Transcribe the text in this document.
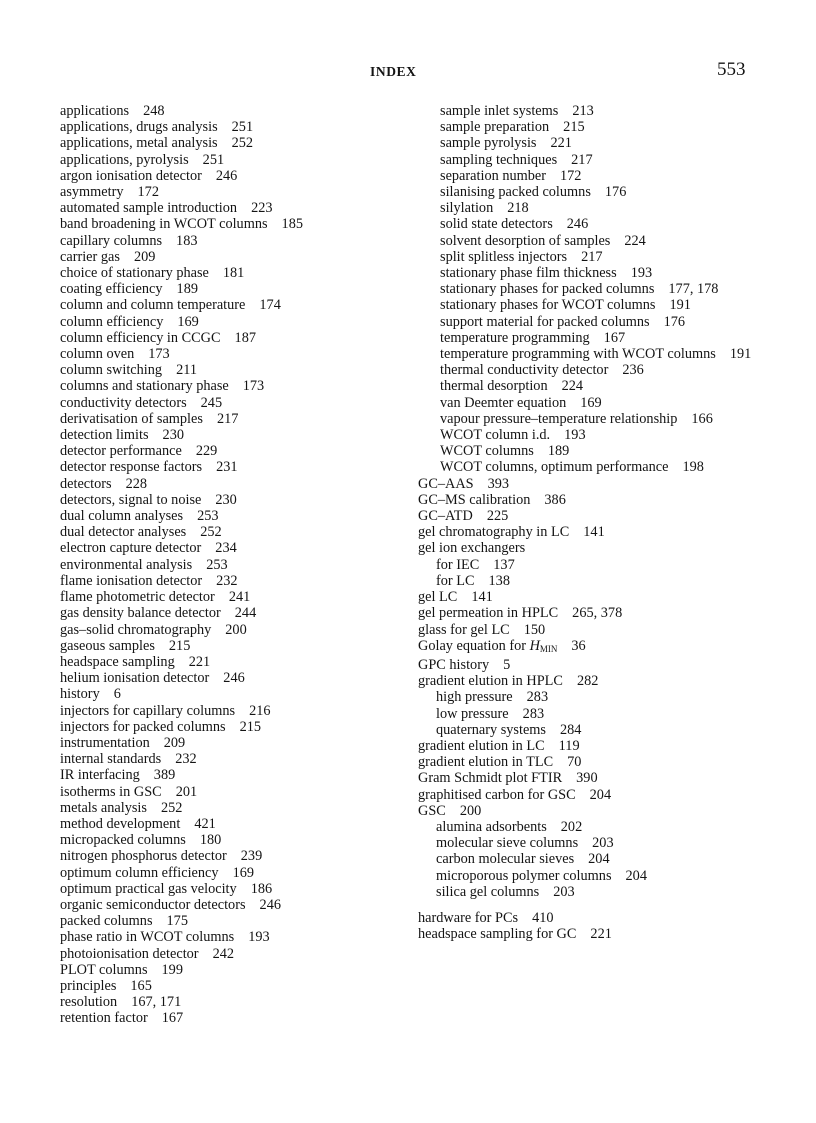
INDEX	553
applications 248
applications, drugs analysis 251
applications, metal analysis 252
applications, pyrolysis 251
argon ionisation detector 246
asymmetry 172
automated sample introduction 223
band broadening in WCOT columns 185
capillary columns 183
carrier gas 209
choice of stationary phase 181
coating efficiency 189
column and column temperature 174
column efficiency 169
column efficiency in CCGC 187
column oven 173
column switching 211
columns and stationary phase 173
conductivity detectors 245
derivatisation of samples 217
detection limits 230
detector performance 229
detector response factors 231
detectors 228
detectors, signal to noise 230
dual column analyses 253
dual detector analyses 252
electron capture detector 234
environmental analysis 253
flame ionisation detector 232
flame photometric detector 241
gas density balance detector 244
gas–solid chromatography 200
gaseous samples 215
headspace sampling 221
helium ionisation detector 246
history 6
injectors for capillary columns 216
injectors for packed columns 215
instrumentation 209
internal standards 232
IR interfacing 389
isotherms in GSC 201
metals analysis 252
method development 421
micropacked columns 180
nitrogen phosphorus detector 239
optimum column efficiency 169
optimum practical gas velocity 186
organic semiconductor detectors 246
packed columns 175
phase ratio in WCOT columns 193
photoionisation detector 242
PLOT columns 199
principles 165
resolution 167, 171
retention factor 167
sample inlet systems 213
sample preparation 215
sample pyrolysis 221
sampling techniques 217
separation number 172
silanising packed columns 176
silylation 218
solid state detectors 246
solvent desorption of samples 224
split splitless injectors 217
stationary phase film thickness 193
stationary phases for packed columns 177, 178
stationary phases for WCOT columns 191
support material for packed columns 176
temperature programming 167
temperature programming with WCOT columns 191
thermal conductivity detector 236
thermal desorption 224
van Deemter equation 169
vapour pressure–temperature relationship 166
WCOT column i.d. 193
WCOT columns 189
WCOT columns, optimum performance 198
GC–AAS 393
GC–MS calibration 386
GC–ATD 225
gel chromatography in LC 141
gel ion exchangers
for IEC 137
for LC 138
gel LC 141
gel permeation in HPLC 265, 378
glass for gel LC 150
Golay equation for $H_{MIN}$ 36
GPC history 5
gradient elution in HPLC 282
high pressure 283
low pressure 283
quaternary systems 284
gradient elution in LC 119
gradient elution in TLC 70
Gram Schmidt plot FTIR 390
graphitised carbon for GSC 204
GSC 200
alumina adsorbents 202
molecular sieve columns 203
carbon molecular sieves 204
microporous polymer columns 204
silica gel columns 203
hardware for PCs 410
headspace sampling for GC 221
